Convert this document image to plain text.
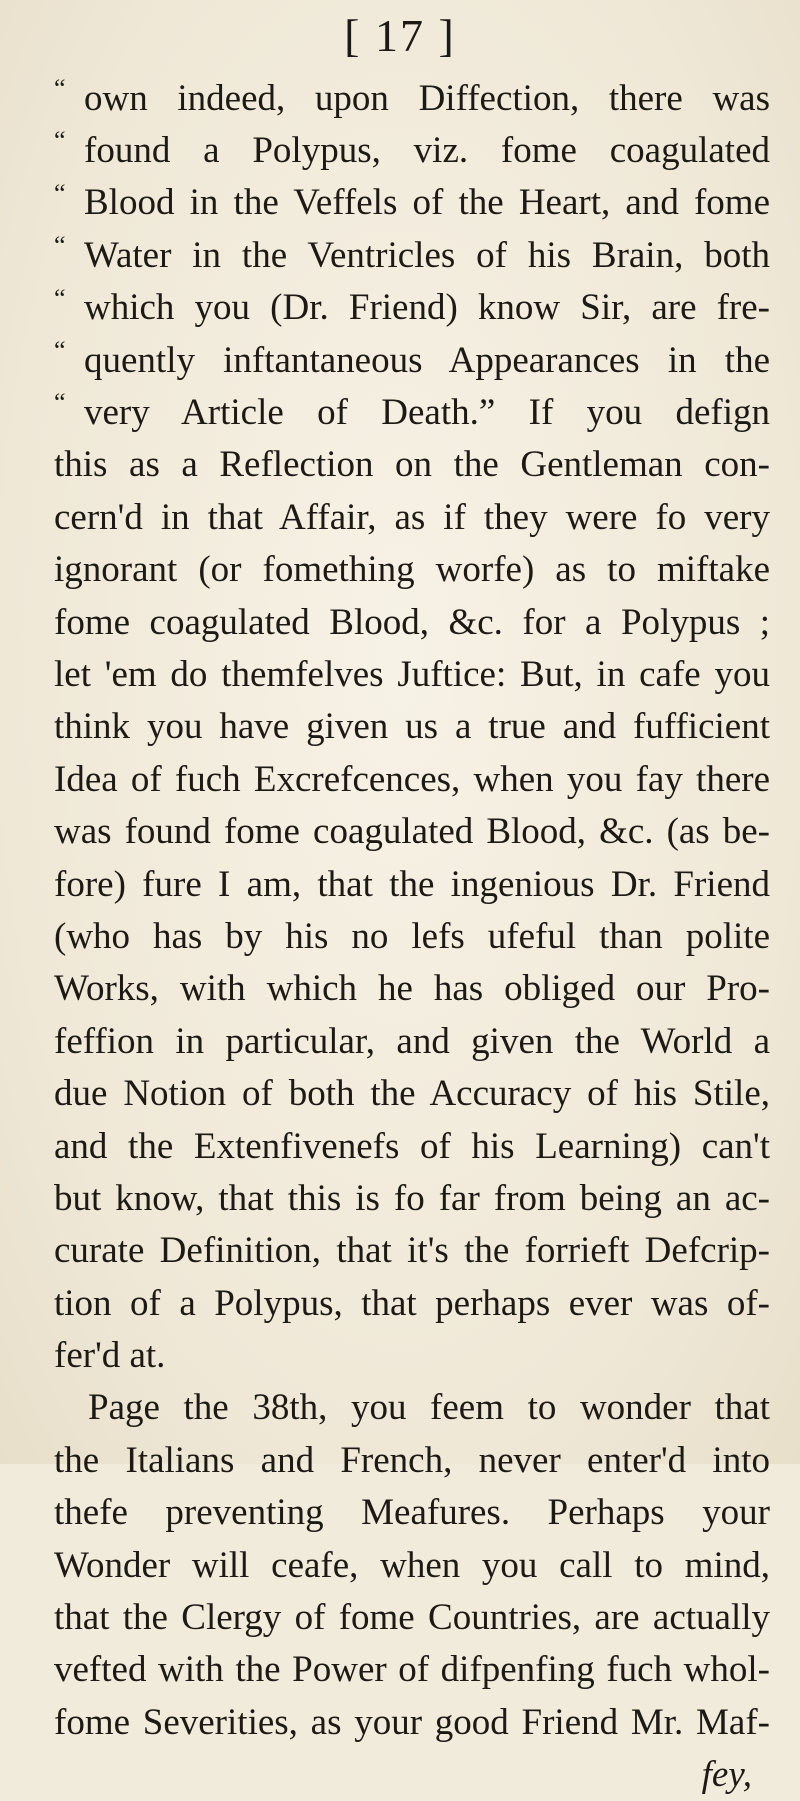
[ 17 ]
“ own indeed, upon Diffection, there was
“ found a Polypus, viz. fome coagulated
“ Blood in the Veffels of the Heart, and fome
“ Water in the Ventricles of his Brain, both
“ which you (Dr. Friend) know Sir, are fre-
“ quently inftantaneous Appearances in the
“ very Article of Death.” If you defign
this as a Reflection on the Gentleman con-
cern'd in that Affair, as if they were fo very
ignorant (or fomething worfe) as to miftake
fome coagulated Blood, &c. for a Polypus ;
let 'em do themfelves Juftice: But, in cafe you
think you have given us a true and fufficient
Idea of fuch Excrefcences, when you fay there
was found fome coagulated Blood, &c. (as be-
fore) fure I am, that the ingenious Dr. Friend
(who has by his no lefs ufeful than polite
Works, with which he has obliged our Pro-
feffion in particular, and given the World a
due Notion of both the Accuracy of his Stile,
and the Extenfivenefs of his Learning) can't
but know, that this is fo far from being an ac-
curate Definition, that it's the forrieft Defcrip-
tion of a Polypus, that perhaps ever was of-
fer'd at.
Page the 38th, you feem to wonder that
the Italians and French, never enter'd into
thefe preventing Meafures. Perhaps your
Wonder will ceafe, when you call to mind,
that the Clergy of fome Countries, are actually
vefted with the Power of difpenfing fuch whol-
fome Severities, as your good Friend Mr. Maf-
fey,
